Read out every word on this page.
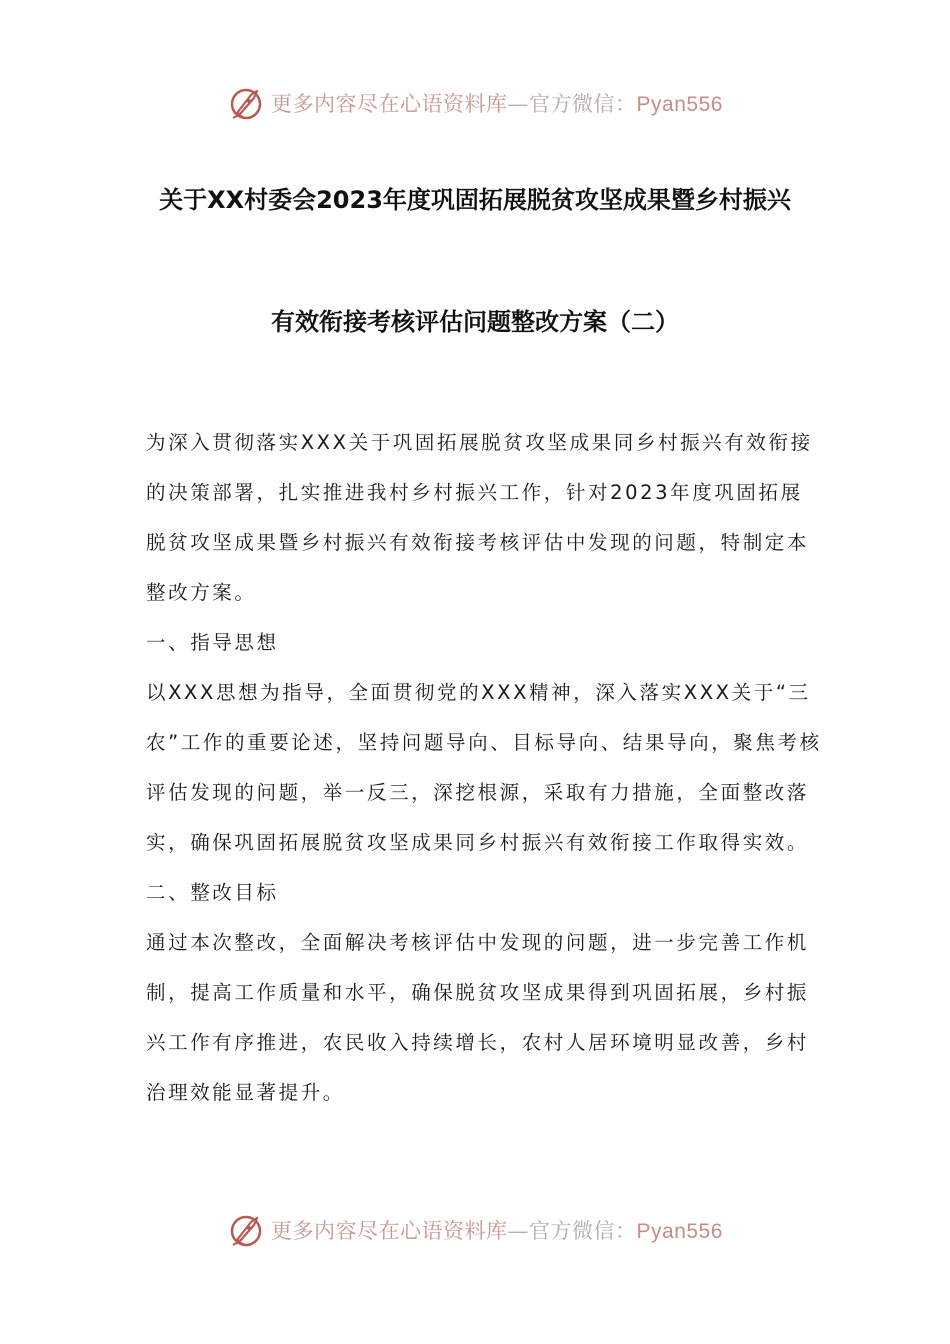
更多内容尽在心语资料库—官方微信：Pyan556
关于XX村委会2023年度巩固拓展脱贫攻坚成果暨乡村振兴
有效衔接考核评估问题整改方案（二）

为深入贯彻落实XXX关于巩固拓展脱贫攻坚成果同乡村振兴有效衔接的决策部署，扎实推进我村乡村振兴工作，针对2023年度巩固拓展脱贫攻坚成果暨乡村振兴有效衔接考核评估中发现的问题，特制定本整改方案。

一、指导思想

以XXX思想为指导，全面贯彻党的XXX精神，深入落实XXX关于“三农”工作的重要论述，坚持问题导向、目标导向、结果导向，聚焦考核评估发现的问题，举一反三，深挖根源，采取有力措施，全面整改落实，确保巩固拓展脱贫攻坚成果同乡村振兴有效衔接工作取得实效。

二、整改目标

通过本次整改，全面解决考核评估中发现的问题，进一步完善工作机制，提高工作质量和水平，确保脱贫攻坚成果得到巩固拓展，乡村振兴工作有序推进，农民收入持续增长，农村人居环境明显改善，乡村治理效能显著提升。

更多内容尽在心语资料库—官方微信：Pyan556
